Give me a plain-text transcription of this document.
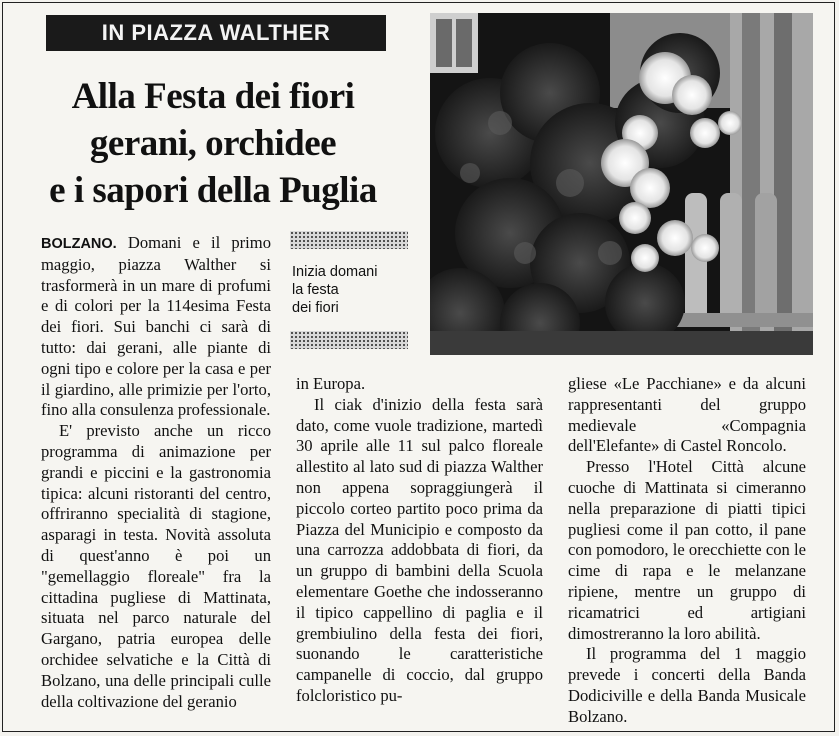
IN PIAZZA WALTHER
Alla Festa dei fiori
gerani, orchidee
e i sapori della Puglia
Inizia domani
la festa
dei fiori

BOLZANO. Domani e il primo maggio, piazza Walther si trasformerà in un mare di profumi e di colori per la 114esima Festa dei fiori. Sui banchi ci sarà di tutto: dai gerani, alle piante di ogni tipo e colore per la casa e per il giardino, alle primizie per l'orto, fino alla consulenza professionale.

E' previsto anche un ricco programma di animazione per grandi e piccini e la gastronomia tipica: alcuni ristoranti del centro, offriranno specialità di stagione, asparagi in testa. Novità assoluta di quest'anno è poi un "gemellaggio floreale" fra la cittadina pugliese di Mattinata, situata nel parco naturale del Gargano, patria europea delle orchidee selvatiche e la Città di Bolzano, una delle principali culle della coltivazione del geranio

in Europa.

Il ciak d'inizio della festa sarà dato, come vuole tradizione, martedì 30 aprile alle 11 sul palco floreale allestito al lato sud di piazza Walther non appena sopraggiungerà il piccolo corteo partito poco prima da Piazza del Municipio e composto da una carrozza addobbata di fiori, da un gruppo di bambini della Scuola elementare Goethe che indosseranno il tipico cappellino di paglia e il grembiulino della festa dei fiori, suonando le caratteristiche campanelle di coccio, dal gruppo folcloristico pu-

gliese «Le Pacchiane» e da alcuni rappresentanti del gruppo medievale «Compagnia dell'Elefante» di Castel Roncolo.

Presso l'Hotel Città alcune cuoche di Mattinata si cimeranno nella preparazione di piatti tipici pugliesi come il pan cotto, il pane con pomodoro, le orecchiette con le cime di rapa e le melanzane ripiene, mentre un gruppo di ricamatrici ed artigiani dimostreranno la loro abilità.

Il programma del 1 maggio prevede i concerti della Banda Dodiciville e della Banda Musicale Bolzano.
